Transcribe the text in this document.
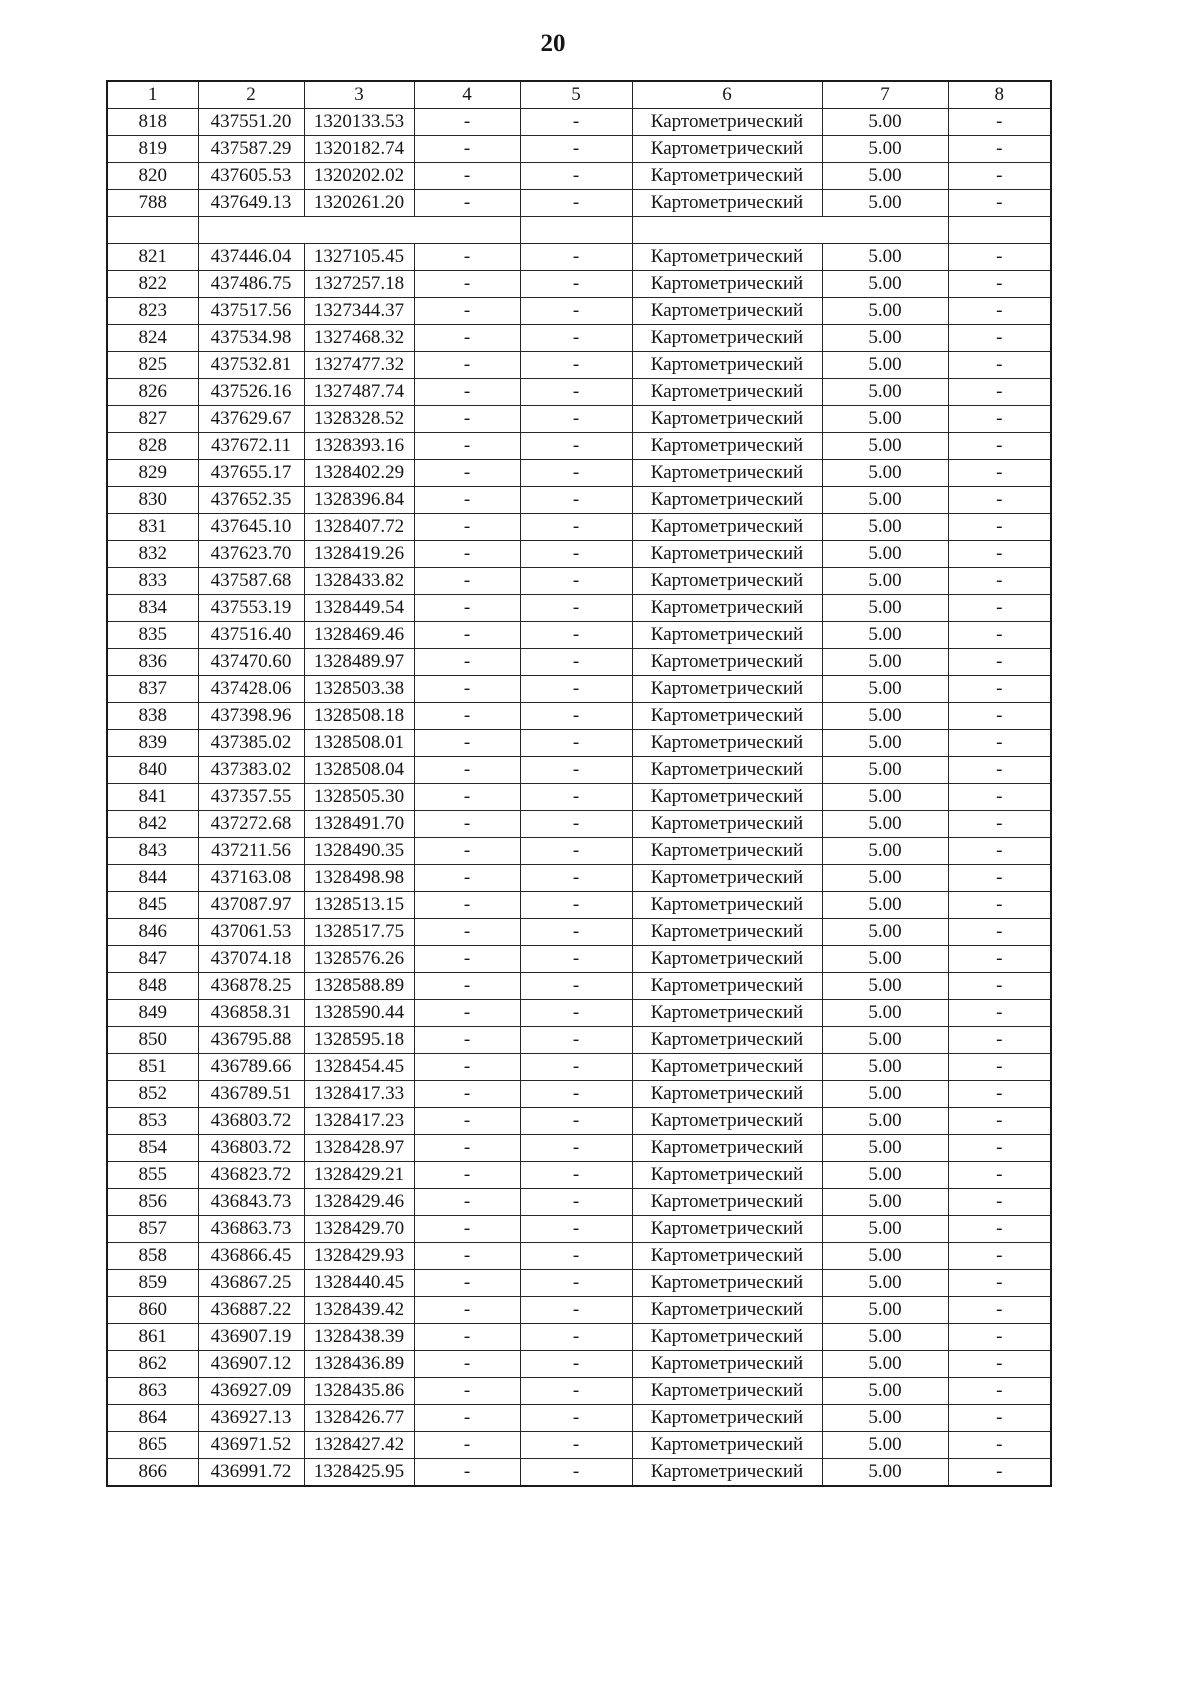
20
1	2	3	4	5	6	7	8
818	437551.20	1320133.53	-	-	Картометрический	5.00	-
819	437587.29	1320182.74	-	-	Картометрический	5.00	-
820	437605.53	1320202.02	-	-	Картометрический	5.00	-
788	437649.13	1320261.20	-	-	Картометрический	5.00	-

821	437446.04	1327105.45	-	-	Картометрический	5.00	-
822	437486.75	1327257.18	-	-	Картометрический	5.00	-
823	437517.56	1327344.37	-	-	Картометрический	5.00	-
824	437534.98	1327468.32	-	-	Картометрический	5.00	-
825	437532.81	1327477.32	-	-	Картометрический	5.00	-
826	437526.16	1327487.74	-	-	Картометрический	5.00	-
827	437629.67	1328328.52	-	-	Картометрический	5.00	-
828	437672.11	1328393.16	-	-	Картометрический	5.00	-
829	437655.17	1328402.29	-	-	Картометрический	5.00	-
830	437652.35	1328396.84	-	-	Картометрический	5.00	-
831	437645.10	1328407.72	-	-	Картометрический	5.00	-
832	437623.70	1328419.26	-	-	Картометрический	5.00	-
833	437587.68	1328433.82	-	-	Картометрический	5.00	-
834	437553.19	1328449.54	-	-	Картометрический	5.00	-
835	437516.40	1328469.46	-	-	Картометрический	5.00	-
836	437470.60	1328489.97	-	-	Картометрический	5.00	-
837	437428.06	1328503.38	-	-	Картометрический	5.00	-
838	437398.96	1328508.18	-	-	Картометрический	5.00	-
839	437385.02	1328508.01	-	-	Картометрический	5.00	-
840	437383.02	1328508.04	-	-	Картометрический	5.00	-
841	437357.55	1328505.30	-	-	Картометрический	5.00	-
842	437272.68	1328491.70	-	-	Картометрический	5.00	-
843	437211.56	1328490.35	-	-	Картометрический	5.00	-
844	437163.08	1328498.98	-	-	Картометрический	5.00	-
845	437087.97	1328513.15	-	-	Картометрический	5.00	-
846	437061.53	1328517.75	-	-	Картометрический	5.00	-
847	437074.18	1328576.26	-	-	Картометрический	5.00	-
848	436878.25	1328588.89	-	-	Картометрический	5.00	-
849	436858.31	1328590.44	-	-	Картометрический	5.00	-
850	436795.88	1328595.18	-	-	Картометрический	5.00	-
851	436789.66	1328454.45	-	-	Картометрический	5.00	-
852	436789.51	1328417.33	-	-	Картометрический	5.00	-
853	436803.72	1328417.23	-	-	Картометрический	5.00	-
854	436803.72	1328428.97	-	-	Картометрический	5.00	-
855	436823.72	1328429.21	-	-	Картометрический	5.00	-
856	436843.73	1328429.46	-	-	Картометрический	5.00	-
857	436863.73	1328429.70	-	-	Картометрический	5.00	-
858	436866.45	1328429.93	-	-	Картометрический	5.00	-
859	436867.25	1328440.45	-	-	Картометрический	5.00	-
860	436887.22	1328439.42	-	-	Картометрический	5.00	-
861	436907.19	1328438.39	-	-	Картометрический	5.00	-
862	436907.12	1328436.89	-	-	Картометрический	5.00	-
863	436927.09	1328435.86	-	-	Картометрический	5.00	-
864	436927.13	1328426.77	-	-	Картометрический	5.00	-
865	436971.52	1328427.42	-	-	Картометрический	5.00	-
866	436991.72	1328425.95	-	-	Картометрический	5.00	-
